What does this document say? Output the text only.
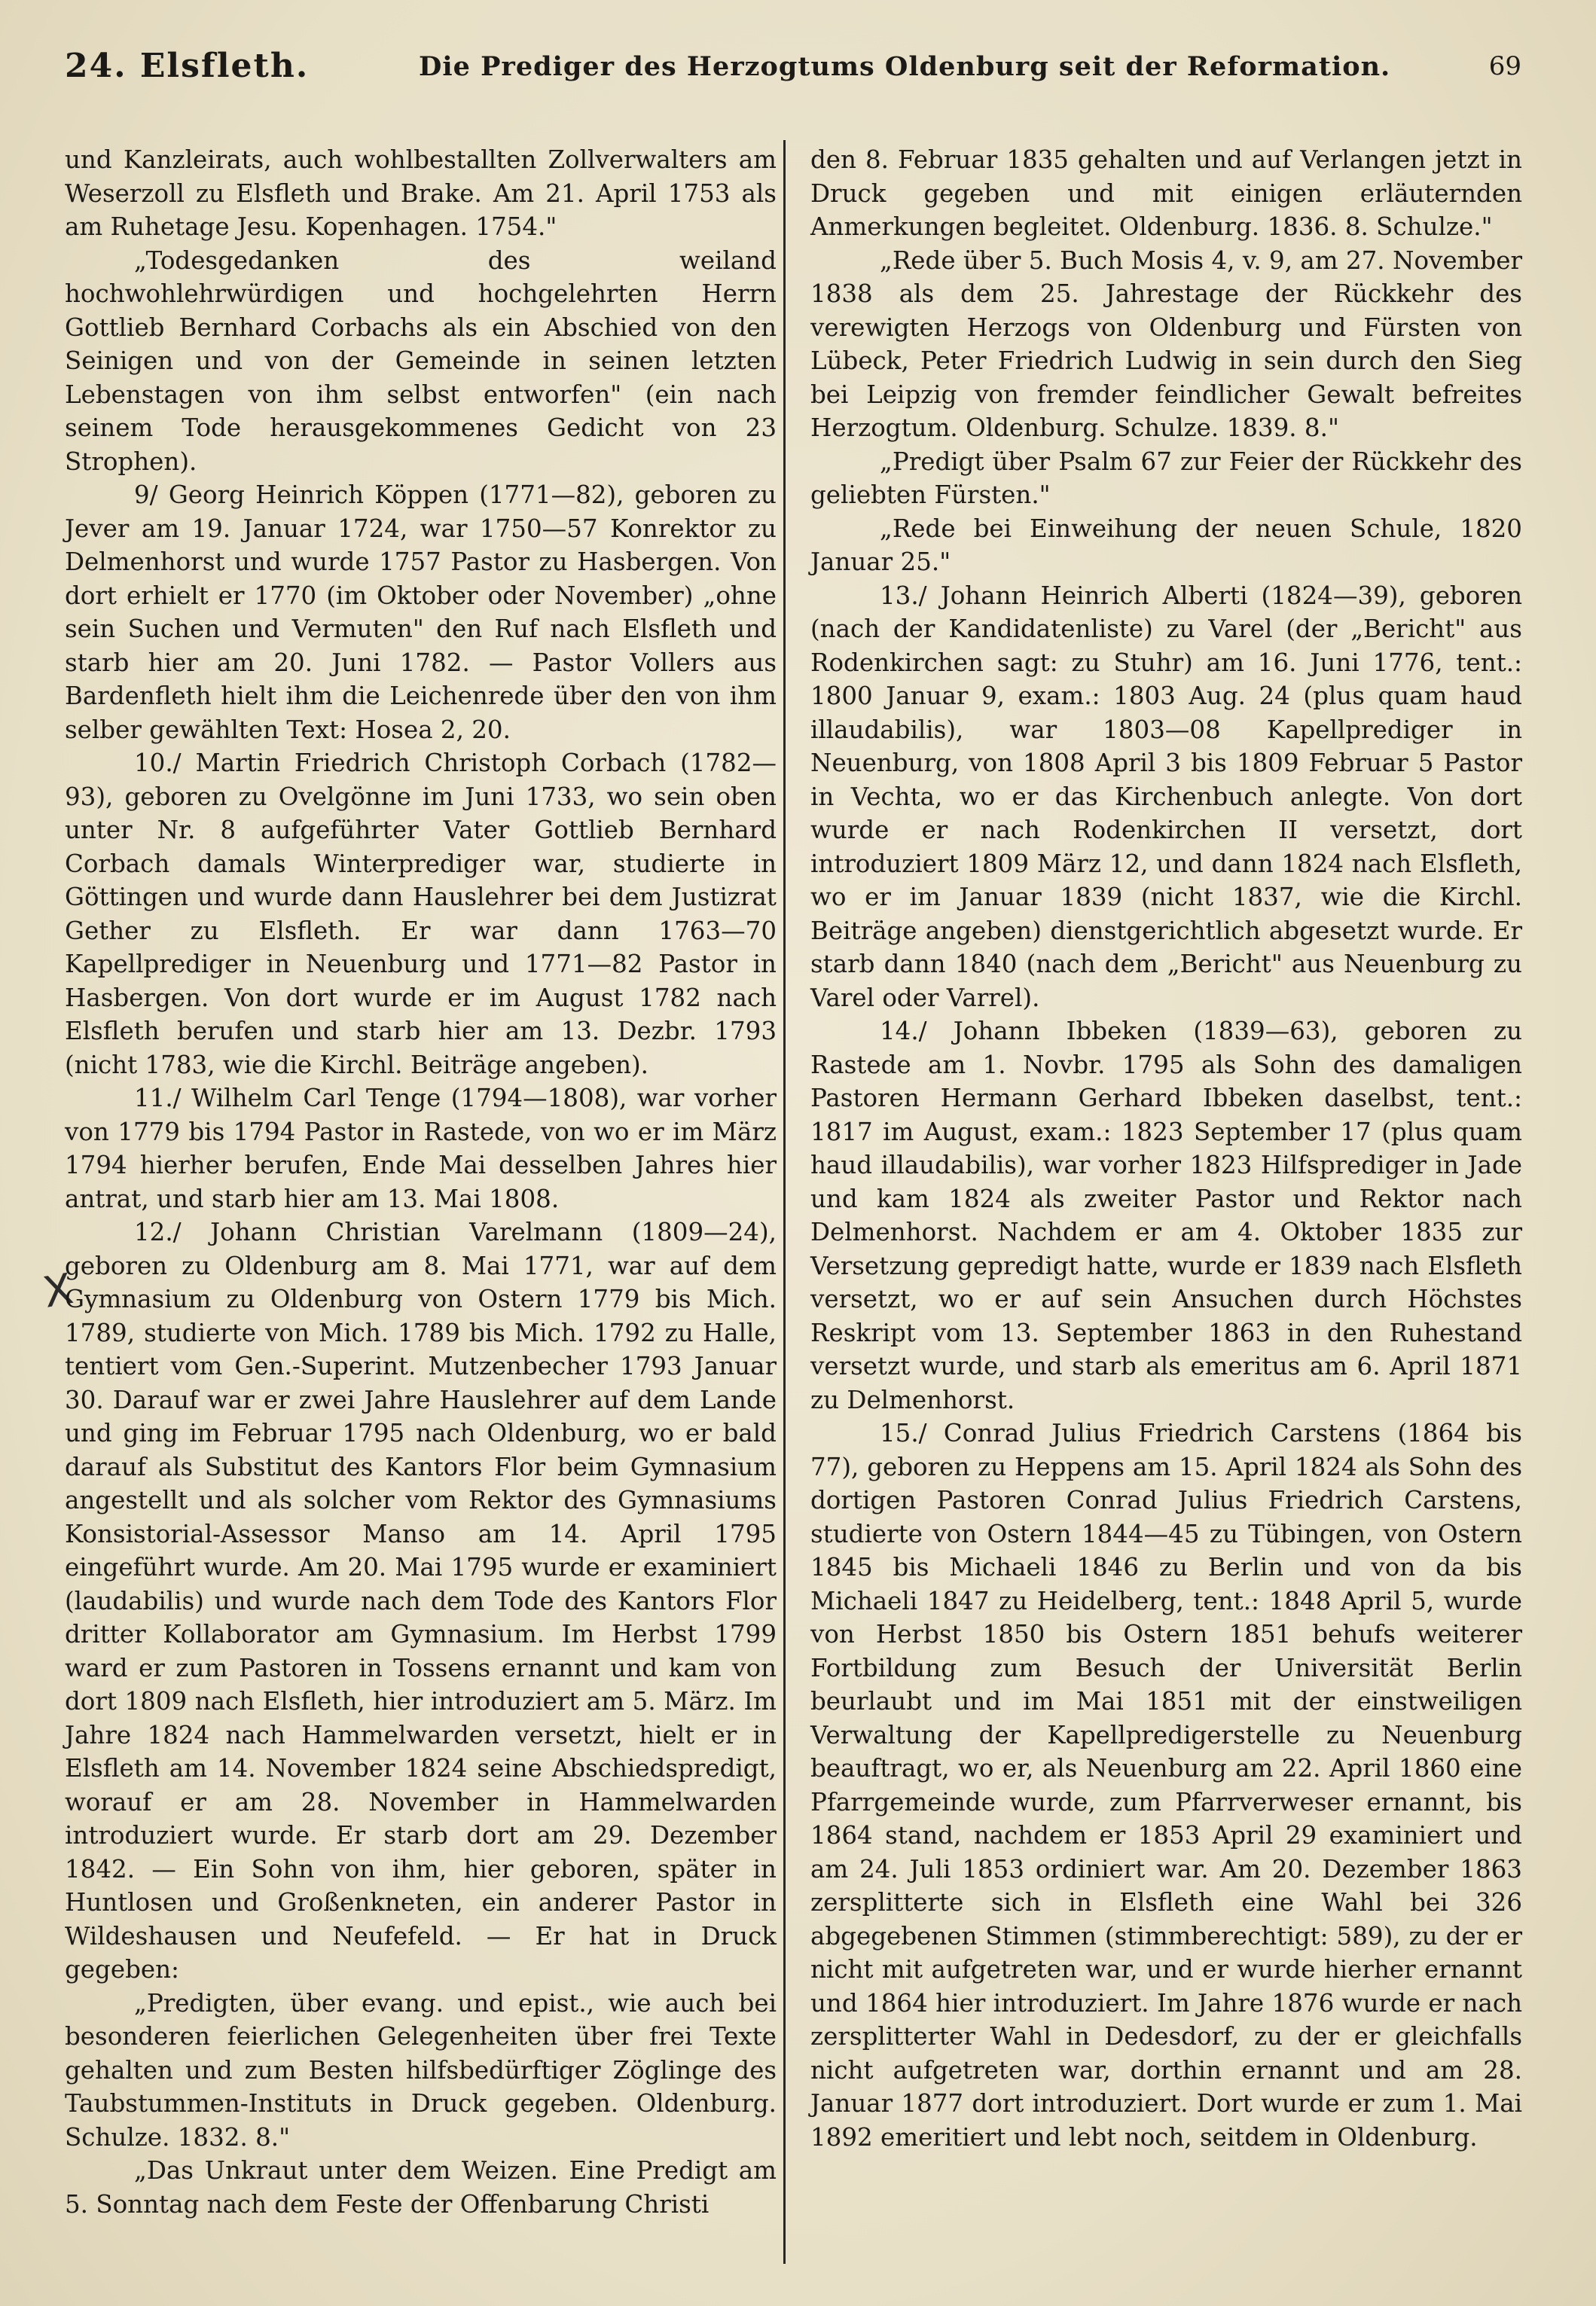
24. Elsfleth.	Die Prediger des Herzogtums Oldenburg seit der Reformation.	69
X

und Kanzleirats, auch wohlbestallten Zollverwalters am Weserzoll zu Elsfleth und Brake. Am 21. April 1753 als am Ruhetage Jesu. Kopenhagen. 1754."

„Todesgedanken des weiland hochwohlehrwürdigen und hochgelehrten Herrn Gottlieb Bernhard Corbachs als ein Abschied von den Seinigen und von der Gemeinde in seinen letzten Lebenstagen von ihm selbst entworfen" (ein nach seinem Tode herausgekommenes Gedicht von 23 Strophen).

9/ Georg Heinrich Köppen (1771—82), geboren zu Jever am 19. Januar 1724, war 1750—57 Konrektor zu Delmenhorst und wurde 1757 Pastor zu Hasbergen. Von dort erhielt er 1770 (im Oktober oder November) „ohne sein Suchen und Vermuten" den Ruf nach Elsfleth und starb hier am 20. Juni 1782. — Pastor Vollers aus Bardenfleth hielt ihm die Leichenrede über den von ihm selber gewählten Text: Hosea 2, 20.

10./ Martin Friedrich Christoph Corbach (1782—93), geboren zu Ovelgönne im Juni 1733, wo sein oben unter Nr. 8 aufgeführter Vater Gottlieb Bernhard Corbach damals Winterprediger war, studierte in Göttingen und wurde dann Hauslehrer bei dem Justizrat Gether zu Elsfleth. Er war dann 1763—70 Kapellprediger in Neuenburg und 1771—82 Pastor in Hasbergen. Von dort wurde er im August 1782 nach Elsfleth berufen und starb hier am 13. Dezbr. 1793 (nicht 1783, wie die Kirchl. Beiträge angeben).

11./ Wilhelm Carl Tenge (1794—1808), war vorher von 1779 bis 1794 Pastor in Rastede, von wo er im März 1794 hierher berufen, Ende Mai desselben Jahres hier antrat, und starb hier am 13. Mai 1808.

12./ Johann Christian Varelmann (1809—24), geboren zu Oldenburg am 8. Mai 1771, war auf dem Gymnasium zu Oldenburg von Ostern 1779 bis Mich. 1789, studierte von Mich. 1789 bis Mich. 1792 zu Halle, tentiert vom Gen.-Superint. Mutzenbecher 1793 Januar 30. Darauf war er zwei Jahre Hauslehrer auf dem Lande und ging im Februar 1795 nach Oldenburg, wo er bald darauf als Substitut des Kantors Flor beim Gymnasium angestellt und als solcher vom Rektor des Gymnasiums Konsistorial-Assessor Manso am 14. April 1795 eingeführt wurde. Am 20. Mai 1795 wurde er examiniert (laudabilis) und wurde nach dem Tode des Kantors Flor dritter Kollaborator am Gymnasium. Im Herbst 1799 ward er zum Pastoren in Tossens ernannt und kam von dort 1809 nach Elsfleth, hier introduziert am 5. März. Im Jahre 1824 nach Hammelwarden versetzt, hielt er in Elsfleth am 14. November 1824 seine Abschiedspredigt, worauf er am 28. November in Hammelwarden introduziert wurde. Er starb dort am 29. Dezember 1842. — Ein Sohn von ihm, hier geboren, später in Huntlosen und Großenkneten, ein anderer Pastor in Wildeshausen und Neufefeld. — Er hat in Druck gegeben:

„Predigten, über evang. und epist., wie auch bei besonderen feierlichen Gelegenheiten über frei Texte gehalten und zum Besten hilfsbedürftiger Zöglinge des Taubstummen-Instituts in Druck gegeben. Oldenburg. Schulze. 1832. 8."

„Das Unkraut unter dem Weizen. Eine Predigt am 5. Sonntag nach dem Feste der Offenbarung Christi

den 8. Februar 1835 gehalten und auf Verlangen jetzt in Druck gegeben und mit einigen erläuternden Anmerkungen begleitet. Oldenburg. 1836. 8. Schulze."

„Rede über 5. Buch Mosis 4, v. 9, am 27. November 1838 als dem 25. Jahrestage der Rückkehr des verewigten Herzogs von Oldenburg und Fürsten von Lübeck, Peter Friedrich Ludwig in sein durch den Sieg bei Leipzig von fremder feindlicher Gewalt befreites Herzogtum. Oldenburg. Schulze. 1839. 8."

„Predigt über Psalm 67 zur Feier der Rückkehr des geliebten Fürsten."

„Rede bei Einweihung der neuen Schule, 1820 Januar 25."

13./ Johann Heinrich Alberti (1824—39), geboren (nach der Kandidatenliste) zu Varel (der „Bericht" aus Rodenkirchen sagt: zu Stuhr) am 16. Juni 1776, tent.: 1800 Januar 9, exam.: 1803 Aug. 24 (plus quam haud illaudabilis), war 1803—08 Kapellprediger in Neuenburg, von 1808 April 3 bis 1809 Februar 5 Pastor in Vechta, wo er das Kirchenbuch anlegte. Von dort wurde er nach Rodenkirchen II versetzt, dort introduziert 1809 März 12, und dann 1824 nach Elsfleth, wo er im Januar 1839 (nicht 1837, wie die Kirchl. Beiträge angeben) dienstgerichtlich abgesetzt wurde. Er starb dann 1840 (nach dem „Bericht" aus Neuenburg zu Varel oder Varrel).

14./ Johann Ibbeken (1839—63), geboren zu Rastede am 1. Novbr. 1795 als Sohn des damaligen Pastoren Hermann Gerhard Ibbeken daselbst, tent.: 1817 im August, exam.: 1823 September 17 (plus quam haud illaudabilis), war vorher 1823 Hilfsprediger in Jade und kam 1824 als zweiter Pastor und Rektor nach Delmenhorst. Nachdem er am 4. Oktober 1835 zur Versetzung gepredigt hatte, wurde er 1839 nach Elsfleth versetzt, wo er auf sein Ansuchen durch Höchstes Reskript vom 13. September 1863 in den Ruhestand versetzt wurde, und starb als emeritus am 6. April 1871 zu Delmenhorst.

15./ Conrad Julius Friedrich Carstens (1864 bis 77), geboren zu Heppens am 15. April 1824 als Sohn des dortigen Pastoren Conrad Julius Friedrich Carstens, studierte von Ostern 1844—45 zu Tübingen, von Ostern 1845 bis Michaeli 1846 zu Berlin und von da bis Michaeli 1847 zu Heidelberg, tent.: 1848 April 5, wurde von Herbst 1850 bis Ostern 1851 behufs weiterer Fortbildung zum Besuch der Universität Berlin beurlaubt und im Mai 1851 mit der einstweiligen Verwaltung der Kapellpredigerstelle zu Neuenburg beauftragt, wo er, als Neuenburg am 22. April 1860 eine Pfarrgemeinde wurde, zum Pfarrverweser ernannt, bis 1864 stand, nachdem er 1853 April 29 examiniert und am 24. Juli 1853 ordiniert war. Am 20. Dezember 1863 zersplitterte sich in Elsfleth eine Wahl bei 326 abgegebenen Stimmen (stimmberechtigt: 589), zu der er nicht mit aufgetreten war, und er wurde hierher ernannt und 1864 hier introduziert. Im Jahre 1876 wurde er nach zersplitterter Wahl in Dedesdorf, zu der er gleichfalls nicht aufgetreten war, dorthin ernannt und am 28. Januar 1877 dort introduziert. Dort wurde er zum 1. Mai 1892 emeritiert und lebt noch, seitdem in Oldenburg.
